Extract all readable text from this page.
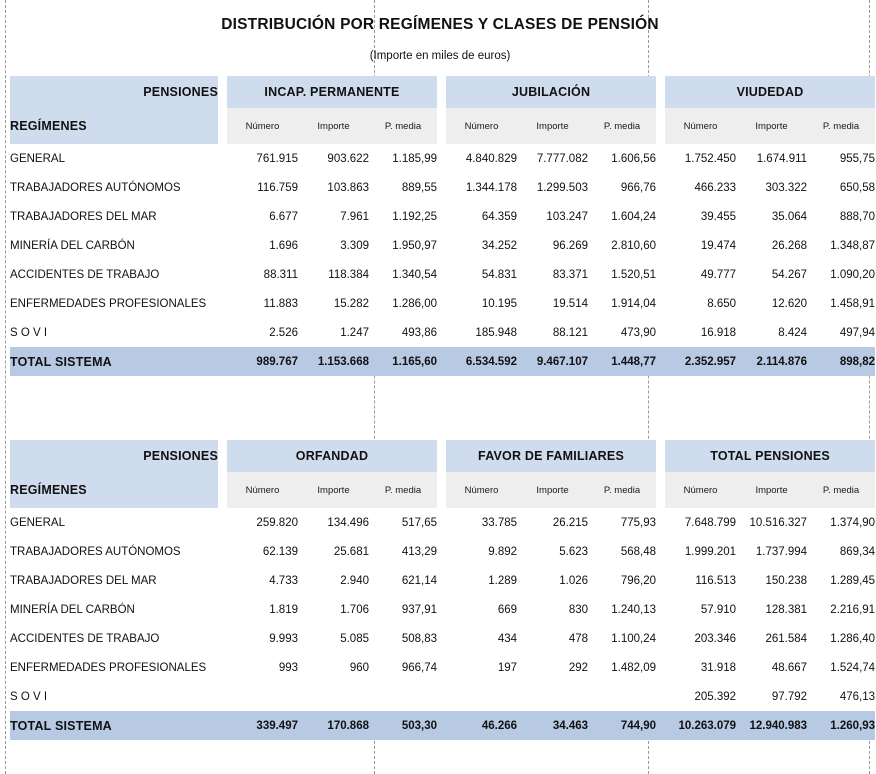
DISTRIBUCIÓN POR REGÍMENES Y CLASES DE PENSIÓN
(Importe en miles de euros)
PENSIONES		INCAP. PERMANENTE				JUBILACIÓN				VIUDEDAD		
REGÍMENES		Número	Importe	P. media		Número	Importe	P. media		Número	Importe	P. media
GENERAL		761.915	903.622	1.185,99		4.840.829	7.777.082	1.606,56		1.752.450	1.674.911	955,75
TRABAJADORES AUTÓNOMOS		116.759	103.863	889,55		1.344.178	1.299.503	966,76		466.233	303.322	650,58
TRABAJADORES DEL MAR		6.677	7.961	1.192,25		64.359	103.247	1.604,24		39.455	35.064	888,70
MINERÍA DEL CARBÓN		1.696	3.309	1.950,97		34.252	96.269	2.810,60		19.474	26.268	1.348,87
ACCIDENTES DE TRABAJO		88.311	118.384	1.340,54		54.831	83.371	1.520,51		49.777	54.267	1.090,20
ENFERMEDADES PROFESIONALES		11.883	15.282	1.286,00		10.195	19.514	1.914,04		8.650	12.620	1.458,91
S O V I		2.526	1.247	493,86		185.948	88.121	473,90		16.918	8.424	497,94
TOTAL SISTEMA		989.767	1.153.668	1.165,60		6.534.592	9.467.107	1.448,77		2.352.957	2.114.876	898,82
PENSIONES		ORFANDAD				FAVOR DE FAMILIARES				TOTAL PENSIONES		
REGÍMENES		Número	Importe	P. media		Número	Importe	P. media		Número	Importe	P. media
GENERAL		259.820	134.496	517,65		33.785	26.215	775,93		7.648.799	10.516.327	1.374,90
TRABAJADORES AUTÓNOMOS		62.139	25.681	413,29		9.892	5.623	568,48		1.999.201	1.737.994	869,34
TRABAJADORES DEL MAR		4.733	2.940	621,14		1.289	1.026	796,20		116.513	150.238	1.289,45
MINERÍA DEL CARBÓN		1.819	1.706	937,91		669	830	1.240,13		57.910	128.381	2.216,91
ACCIDENTES DE TRABAJO		9.993	5.085	508,83		434	478	1.100,24		203.346	261.584	1.286,40
ENFERMEDADES PROFESIONALES		993	960	966,74		197	292	1.482,09		31.918	48.667	1.524,74
S O V I										205.392	97.792	476,13
TOTAL SISTEMA		339.497	170.868	503,30		46.266	34.463	744,90		10.263.079	12.940.983	1.260,93
